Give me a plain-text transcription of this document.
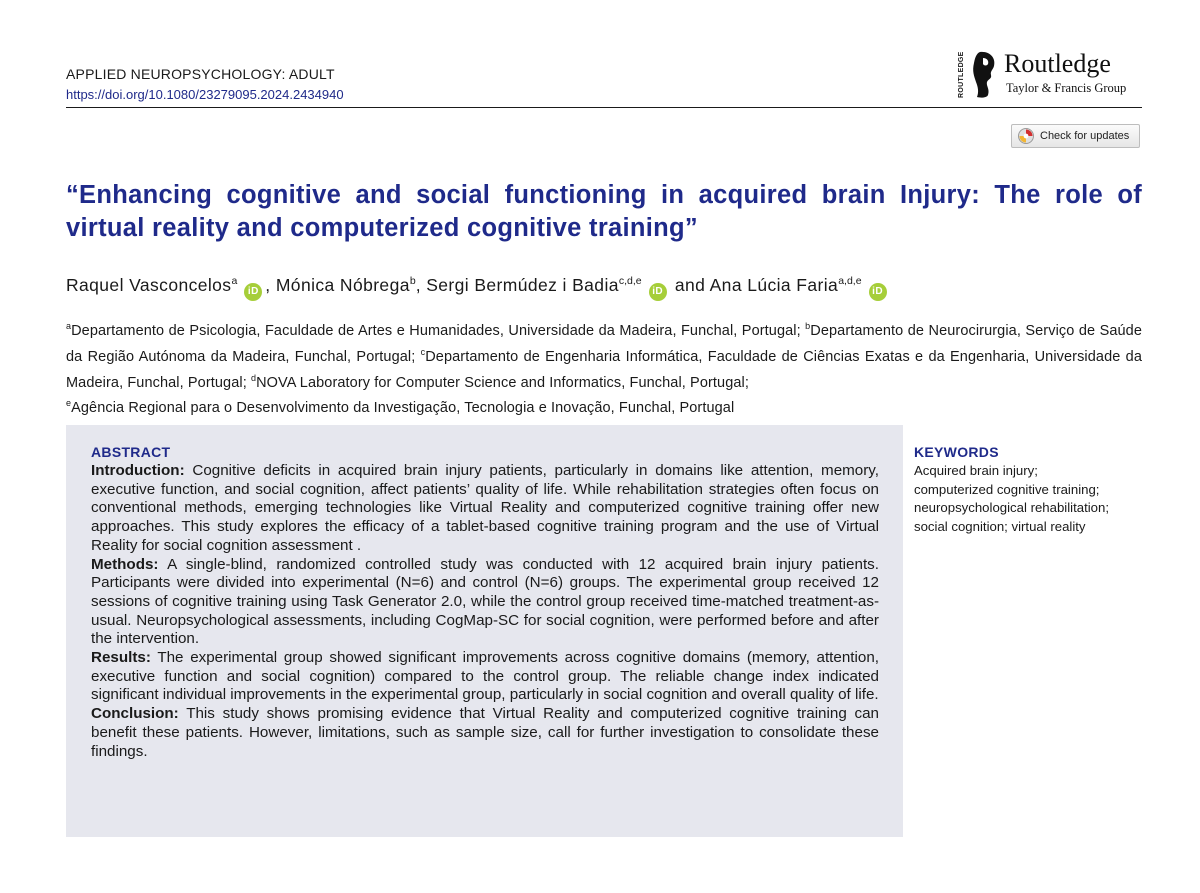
APPLIED NEUROPSYCHOLOGY: ADULT
https://doi.org/10.1080/23279095.2024.2434940	ROUTLEDGE Routledge
Taylor & Francis Group
Check for updates
“Enhancing cognitive and social functioning in acquired brain Injury: The role of virtual reality and computerized cognitive training”
Raquel Vasconcelos$^a$iD , Mónica Nóbrega$^b$, Sergi Bermúdez i Badia$^{c,d,e}$iD and Ana Lúcia Faria$^{a,d,e}$iD
$^a$Departamento de Psicologia, Faculdade de Artes e Humanidades, Universidade da Madeira, Funchal, Portugal; $^b$Departamento de Neurocirurgia, Serviço de Saúde da Região Autónoma da Madeira, Funchal, Portugal; $^c$Departamento de Engenharia Informática, Faculdade de Ciências Exatas e da Engenharia, Universidade da Madeira, Funchal, Portugal; $^d$NOVA Laboratory for Computer Science and Informatics, Funchal, Portugal;
$^e$Agência Regional para o Desenvolvimento da Investigação, Tecnologia e Inovação, Funchal, Portugal
ABSTRACT

Introduction: Cognitive deficits in acquired brain injury patients, particularly in domains like attention, memory, executive function, and social cognition, affect patients’ quality of life. While rehabilitation strategies often focus on conventional methods, emerging technologies like Virtual Reality and computerized cognitive training offer new approaches. This study explores the efficacy of a tablet-based cognitive training program and the use of Virtual Reality for social cognition assessment .

Methods: A single-blind, randomized controlled study was conducted with 12 acquired brain injury patients. Participants were divided into experimental (N=6) and control (N=6) groups. The experimental group received 12 sessions of cognitive training using Task Generator 2.0, while the control group received time-matched treatment-as-usual. Neuropsychological assessments, including CogMap-SC for social cognition, were performed before and after the intervention.

Results: The experimental group showed significant improvements across cognitive domains (memory, attention, executive function and social cognition) compared to the control group. The reliable change index indicated significant individual improvements in the experimental group, particularly in social cognition and overall quality of life.

Conclusion: This study shows promising evidence that Virtual Reality and computerized cognitive training can benefit these patients. However, limitations, such as sample size, call for further investigation to consolidate these findings.

KEYWORDS
Acquired brain injury;
computerized cognitive training;
neuropsychological rehabilitation;
social cognition; virtual reality
